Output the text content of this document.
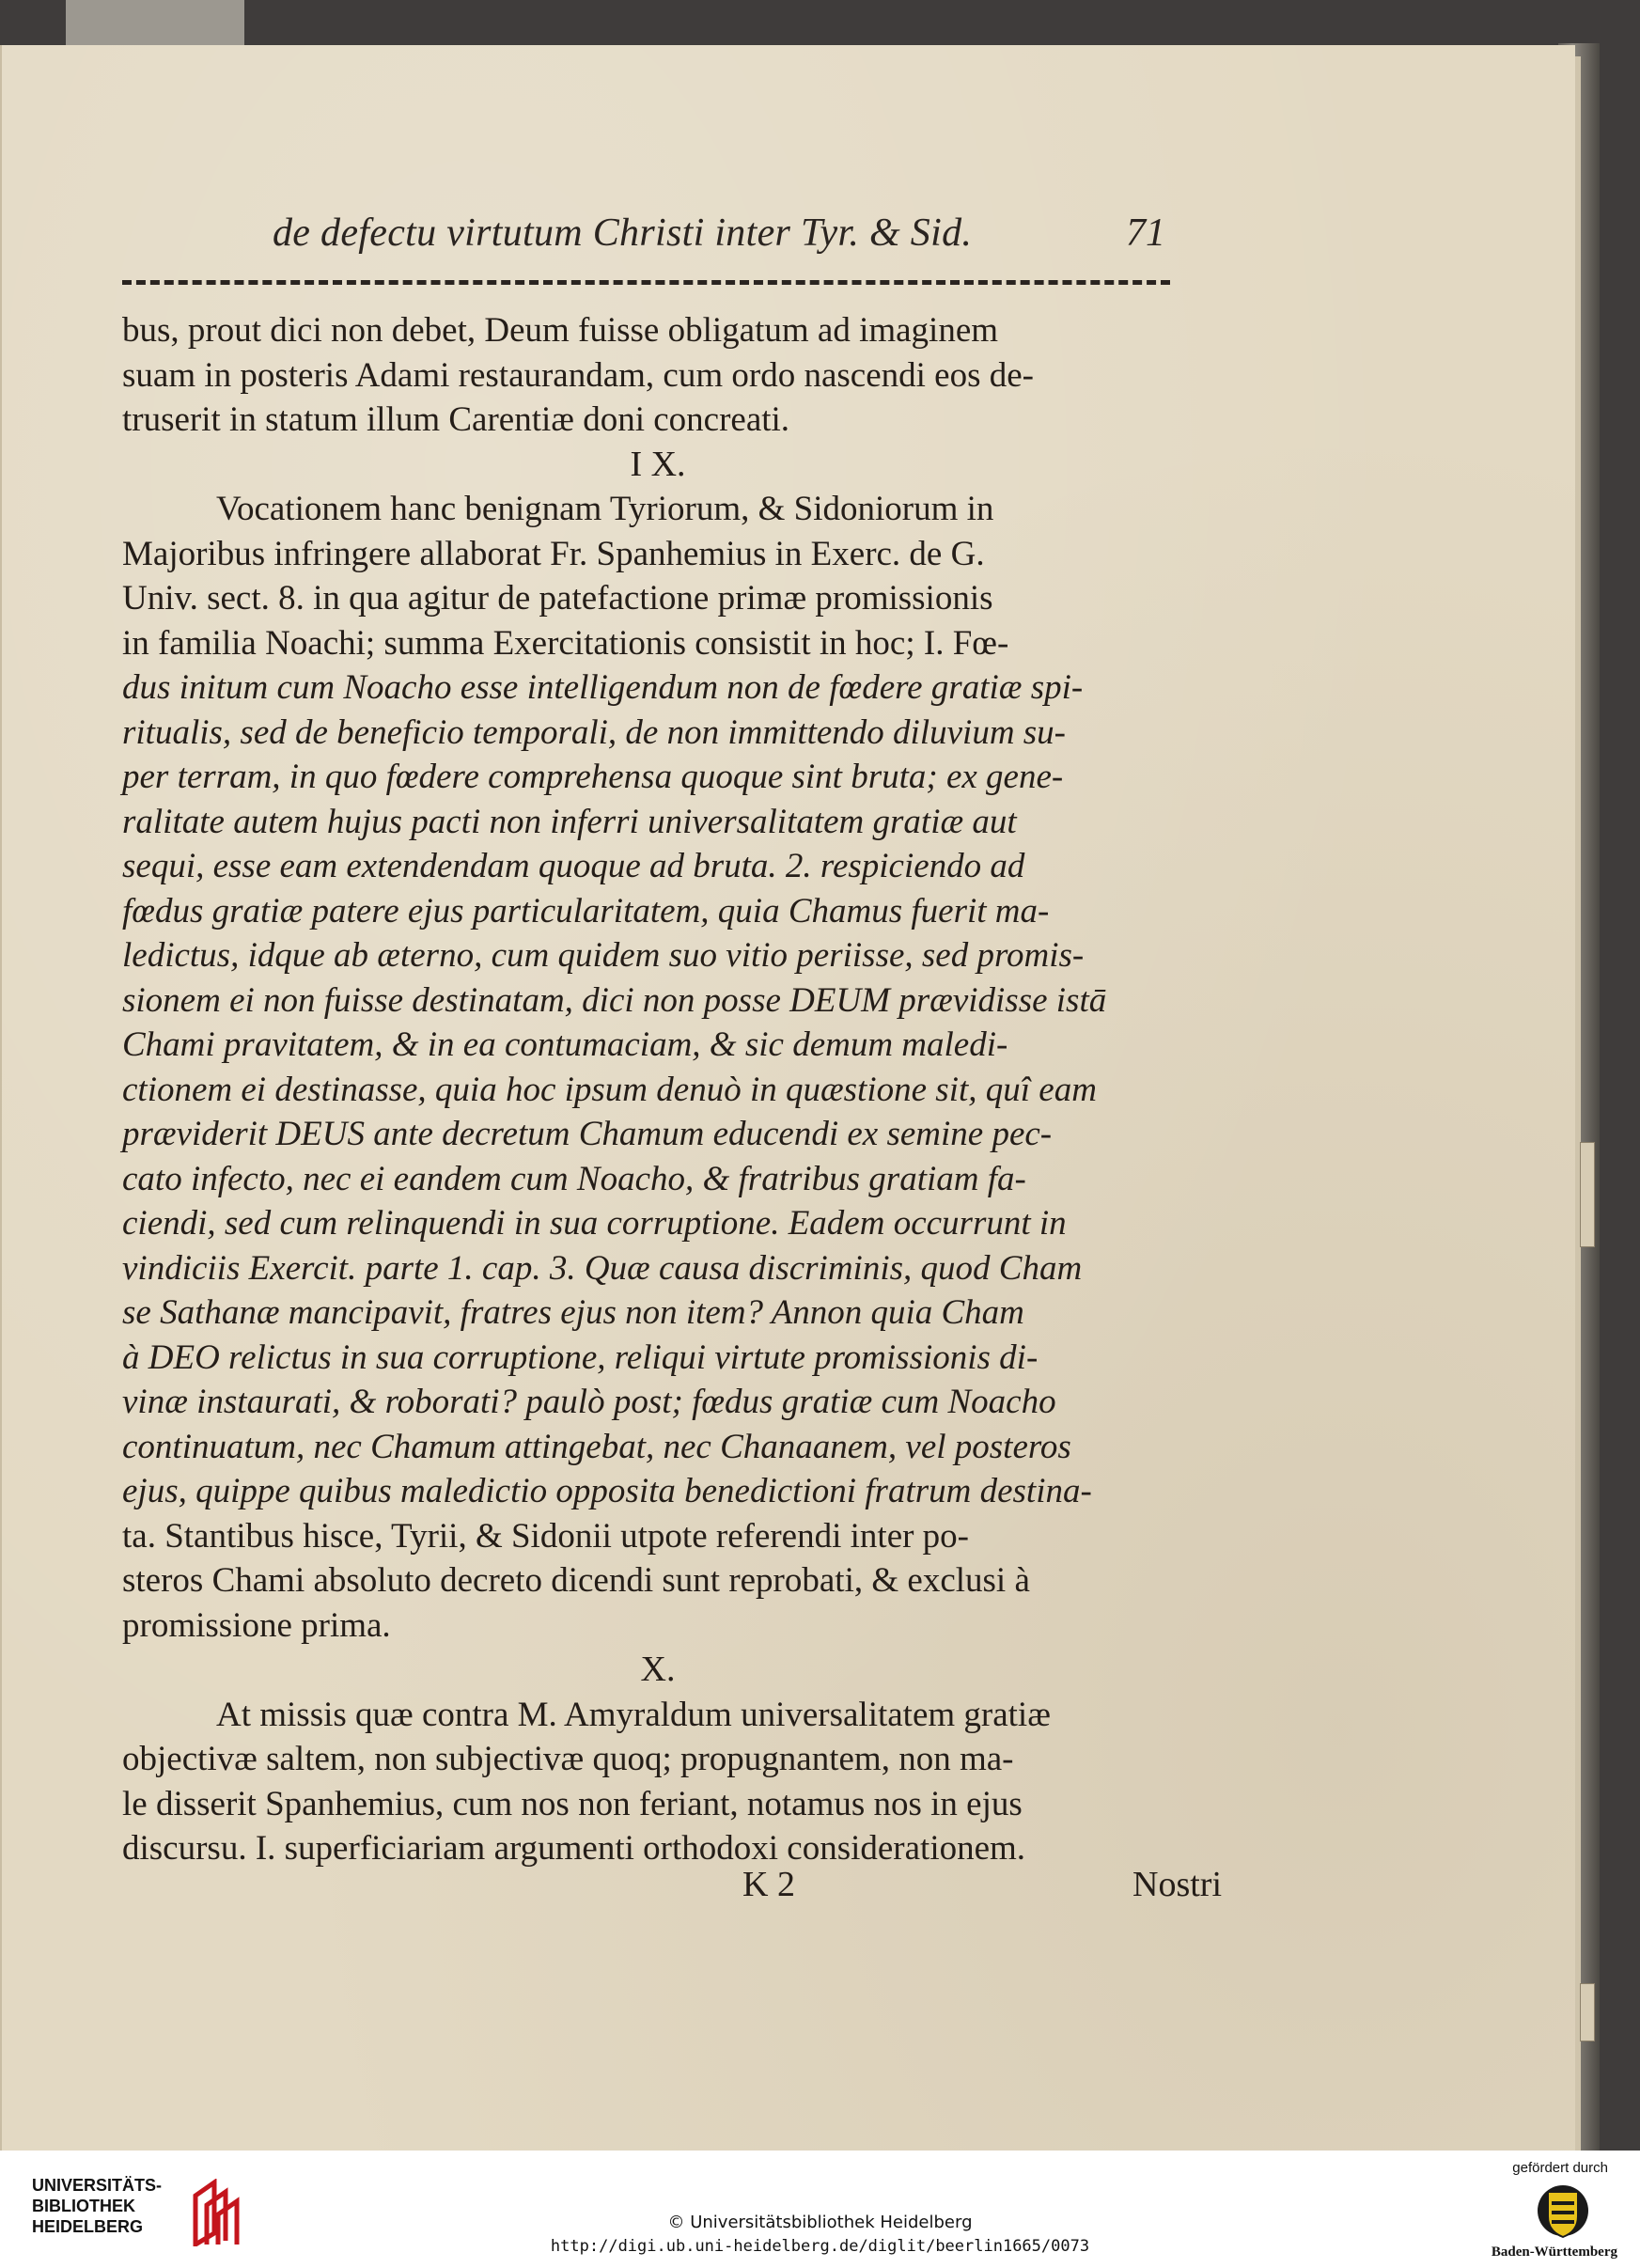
de defectu virtutum Christi inter Tyr. & Sid.	71
bus, prout dici non debet, Deum fuisse obligatum ad imaginem
suam in posteris Adami restaurandam, cum ordo nascendi eos de-
truserit in statum illum Carentiæ doni concreati.
I X.
Vocationem hanc benignam Tyriorum, & Sidoniorum in
Majoribus infringere allaborat Fr. Spanhemius in Exerc. de G.
Univ. sect. 8. in qua agitur de patefactione primæ promissionis
in familia Noachi; summa Exercitationis consistit in hoc; I. Fœ-
dus initum cum Noacho esse intelligendum non de fœdere gratiæ spi-
ritualis, sed de beneficio temporali, de non immittendo diluvium su-
per terram, in quo fœdere comprehensa quoque sint bruta; ex gene-
ralitate autem hujus pacti non inferri universalitatem gratiæ aut
sequi, esse eam extendendam quoque ad bruta. 2. respiciendo ad
fœdus gratiæ patere ejus particularitatem, quia Chamus fuerit ma-
ledictus, idque ab æterno, cum quidem suo vitio periisse, sed promis-
sionem ei non fuisse destinatam, dici non posse DEUM prævidisse istā
Chami pravitatem, & in ea contumaciam, & sic demum maledi-
ctionem ei destinasse, quia hoc ipsum denuò in quæstione sit, quî eam
præviderit DEUS ante decretum Chamum educendi ex semine pec-
cato infecto, nec ei eandem cum Noacho, & fratribus gratiam fa-
ciendi, sed cum relinquendi in sua corruptione. Eadem occurrunt in
vindiciis Exercit. parte 1. cap. 3. Quæ causa discriminis, quod Cham
se Sathanæ mancipavit, fratres ejus non item? Annon quia Cham
à DEO relictus in sua corruptione, reliqui virtute promissionis di-
vinæ instaurati, & roborati? paulò post; fœdus gratiæ cum Noacho
continuatum, nec Chamum attingebat, nec Chanaanem, vel posteros
ejus, quippe quibus maledictio opposita benedictioni fratrum destina-
ta. Stantibus hisce, Tyrii, & Sidonii utpote referendi inter po-
steros Chami absoluto decreto dicendi sunt reprobati, & exclusi à
promissione prima.
X.
At missis quæ contra M. Amyraldum universalitatem gratiæ
objectivæ saltem, non subjectivæ quoq; propugnantem, non ma-
le disserit Spanhemius, cum nos non feriant, notamus nos in ejus
discursu. I. superficiariam argumenti orthodoxi considerationem.
K 2	Nostri
UNIVERSITÄTS-
BIBLIOTHEK
HEIDELBERG	© Universitätsbibliothek Heidelberg
http://digi.ub.uni-heidelberg.de/diglit/beerlin1665/0073
gefördert durch
Baden-Württemberg
